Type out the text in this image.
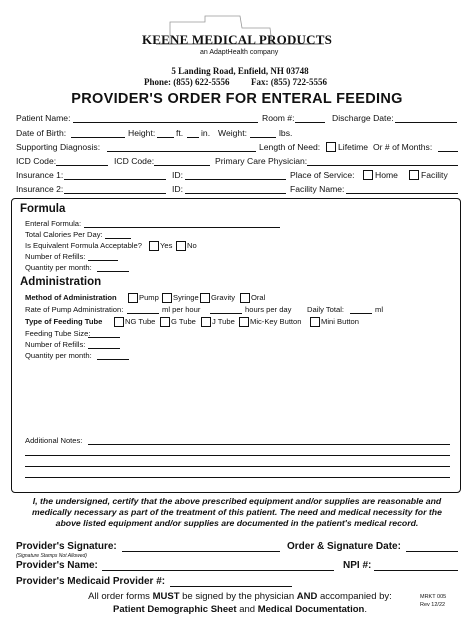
KEENE MEDICAL PRODUCTS
an AdaptHealth company
5 Landing Road, Enfield, NH 03748
Phone: (855) 622-5556 Fax: (855) 722-5556
PROVIDER'S ORDER FOR ENTERAL FEEDING
Patient Name:	Room #:	Discharge Date:
Date of Birth:	Height: ft. in. Weight:	lbs.
Supporting Diagnosis:	Length of Need: Lifetime Or # of Months:
ICD Code:	ICD Code:	Primary Care Physician:
Insurance 1:	ID:	Place of Service: Home	Facility
Insurance 2:	ID:	Facility Name:
Formula
Enteral Formula:
Total Calories Per Day:
Is Equivalent Formula Acceptable? Yes No
Number of Refills:
Quantity per month:
Administration
Method of Administration	Pump Syringe Gravity Oral
Rate of Pump Administration:	ml per hour	hours per day Daily Total:	ml
Type of Feeding Tube	NG Tube G Tube J Tube Mic-Key Button	Mini Button
Feeding Tube Size:
Number of Refills:
Quantity per month:
Additional Notes:
I, the undersigned, certify that the above prescribed equipment and/or supplies are reasonable and medically necessary as part of the treatment of this patient. The need and medical necessity for the above listed equipment and/or supplies are documented in the patient's medical record.
Provider's Signature:
(Signature Stamps Not Allowed)
Order & Signature Date:
Provider's Name:	NPI #:
Provider's Medicaid Provider #:
All order forms MUST be signed by the physician AND accompanied by:
Patient Demographic Sheet and Medical Documentation.
MRKT 005
Rev 12/22
